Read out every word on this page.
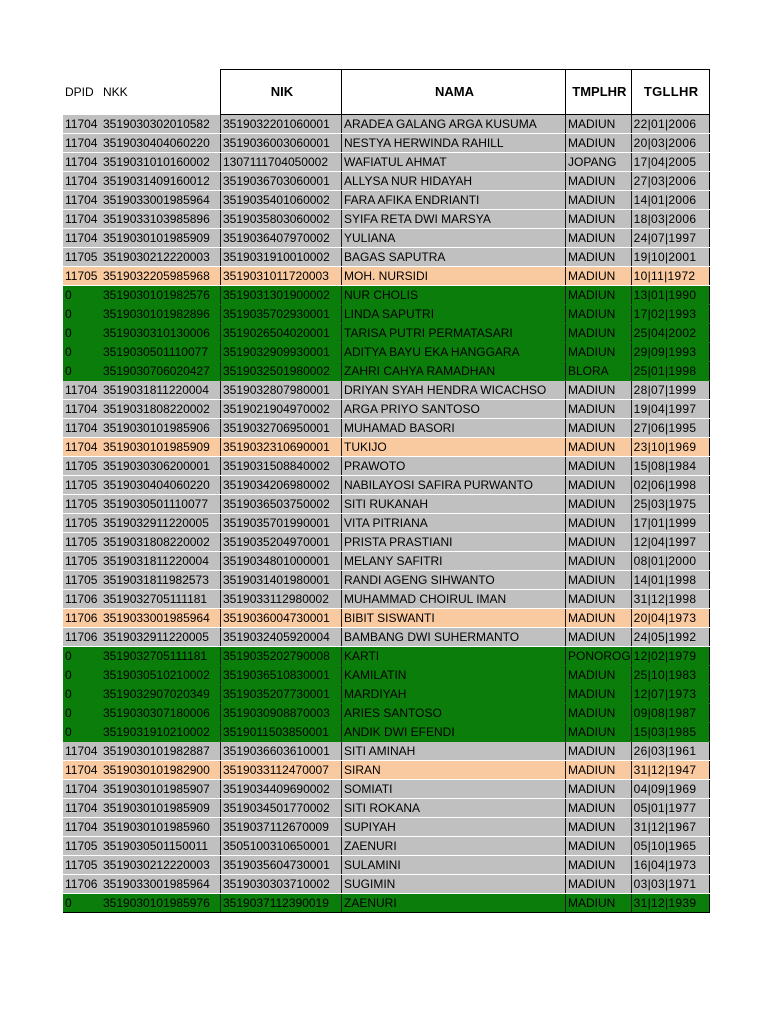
DPID	NKK	NIK	NAMA	TMPLHR	TGLLHR
11704	3519030302010582	3519032201060001	ARADEA GALANG ARGA KUSUMA	MADIUN	22|01|2006
11704	3519030404060220	3519036003060001	NESTYA HERWINDA RAHILL	MADIUN	20|03|2006
11704	3519031010160002	1307111704050002	WAFIATUL AHMAT	JOPANG	17|04|2005
11704	3519031409160012	3519036703060001	ALLYSA NUR HIDAYAH	MADIUN	27|03|2006
11704	3519033001985964	3519035401060002	FARA AFIKA ENDRIANTI	MADIUN	14|01|2006
11704	3519033103985896	3519035803060002	SYIFA RETA DWI MARSYA	MADIUN	18|03|2006
11704	3519030101985909	3519036407970002	YULIANA	MADIUN	24|07|1997
11705	3519030212220003	3519031910010002	BAGAS SAPUTRA	MADIUN	19|10|2001
11705	3519032205985968	3519031011720003	MOH. NURSIDI	MADIUN	10|11|1972
0	3519030101982576	3519031301900002	NUR CHOLIS	MADIUN	13|01|1990
0	3519030101982896	3519035702930001	LINDA SAPUTRI	MADIUN	17|02|1993
0	3519030310130006	3519026504020001	TARISA PUTRI PERMATASARI	MADIUN	25|04|2002
0	3519030501110077	3519032909930001	ADITYA BAYU EKA HANGGARA	MADIUN	29|09|1993
0	3519030706020427	3519032501980002	ZAHRI CAHYA RAMADHAN	BLORA	25|01|1998
11704	3519031811220004	3519032807980001	DRIYAN SYAH HENDRA WICACHSO	MADIUN	28|07|1999
11704	3519031808220002	3519021904970002	ARGA PRIYO SANTOSO	MADIUN	19|04|1997
11704	3519030101985906	3519032706950001	MUHAMAD BASORI	MADIUN	27|06|1995
11704	3519030101985909	3519032310690001	TUKIJO	MADIUN	23|10|1969
11705	3519030306200001	3519031508840002	PRAWOTO	MADIUN	15|08|1984
11705	3519030404060220	3519034206980002	NABILAYOSI SAFIRA PURWANTO	MADIUN	02|06|1998
11705	3519030501110077	3519036503750002	SITI RUKANAH	MADIUN	25|03|1975
11705	3519032911220005	3519035701990001	VITA PITRIANA	MADIUN	17|01|1999
11705	3519031808220002	3519035204970001	PRISTA PRASTIANI	MADIUN	12|04|1997
11705	3519031811220004	3519034801000001	MELANY SAFITRI	MADIUN	08|01|2000
11705	3519031811982573	3519031401980001	RANDI AGENG SIHWANTO	MADIUN	14|01|1998
11706	3519032705111181	3519033112980002	MUHAMMAD CHOIRUL IMAN	MADIUN	31|12|1998
11706	3519033001985964	3519036004730001	BIBIT SISWANTI	MADIUN	20|04|1973
11706	3519032911220005	3519032405920004	BAMBANG DWI SUHERMANTO	MADIUN	24|05|1992
0	3519032705111181	3519035202790008	KARTI	PONOROG	12|02|1979
0	3519030510210002	3519036510830001	KAMILATIN	MADIUN	25|10|1983
0	3519032907020349	3519035207730001	MARDIYAH	MADIUN	12|07|1973
0	3519030307180006	3519030908870003	ARIES SANTOSO	MADIUN	09|08|1987
0	3519031910210002	3519011503850001	ANDIK DWI EFENDI	MADIUN	15|03|1985
11704	3519030101982887	3519036603610001	SITI AMINAH	MADIUN	26|03|1961
11704	3519030101982900	3519033112470007	SIRAN	MADIUN	31|12|1947
11704	3519030101985907	3519034409690002	SOMIATI	MADIUN	04|09|1969
11704	3519030101985909	3519034501770002	SITI ROKANA	MADIUN	05|01|1977
11704	3519030101985960	3519037112670009	SUPIYAH	MADIUN	31|12|1967
11705	3519030501150011	3505100310650001	ZAENURI	MADIUN	05|10|1965
11705	3519030212220003	3519035604730001	SULAMINI	MADIUN	16|04|1973
11706	3519033001985964	3519030303710002	SUGIMIN	MADIUN	03|03|1971
0	3519030101985976	3519037112390019	ZAENURI	MADIUN	31|12|1939
